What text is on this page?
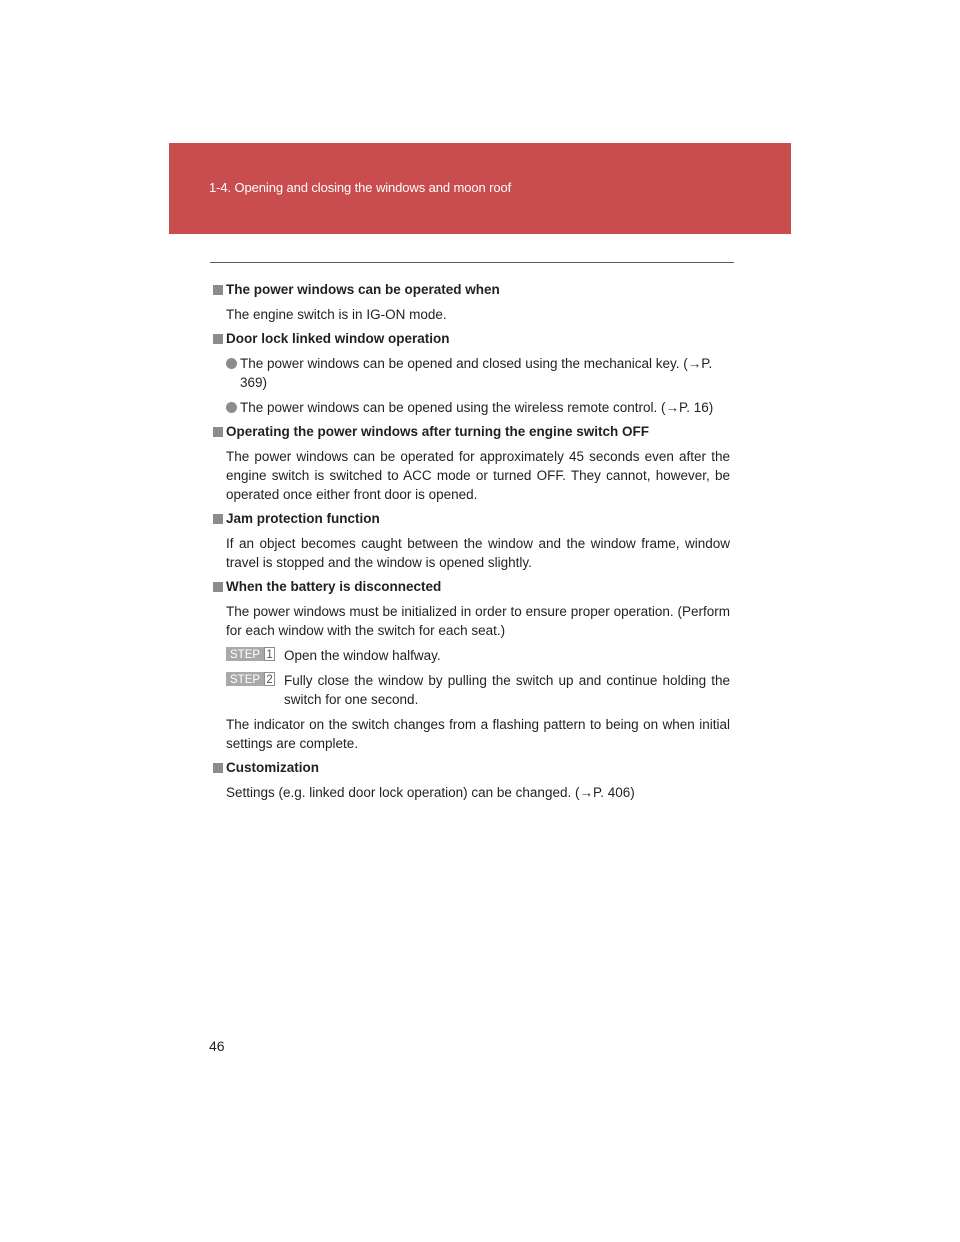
1-4. Opening and closing the windows and moon roof
The power windows can be operated when
The engine switch is in IG-ON mode.
Door lock linked window operation
The power windows can be opened and closed using the mechanical key. (→P. 369)
The power windows can be opened using the wireless remote control. (→P. 16)
Operating the power windows after turning the engine switch OFF
The power windows can be operated for approximately 45 seconds even after the engine switch is switched to ACC mode or turned OFF. They cannot, however, be operated once either front door is opened.
Jam protection function
If an object becomes caught between the window and the window frame, window travel is stopped and the window is opened slightly.
When the battery is disconnected
The power windows must be initialized in order to ensure proper operation. (Perform for each window with the switch for each seat.)
STEP 1 Open the window halfway.
STEP 2 Fully close the window by pulling the switch up and continue holding the switch for one second.
The indicator on the switch changes from a flashing pattern to being on when initial settings are complete.
Customization
Settings (e.g. linked door lock operation) can be changed. (→P. 406)
46
